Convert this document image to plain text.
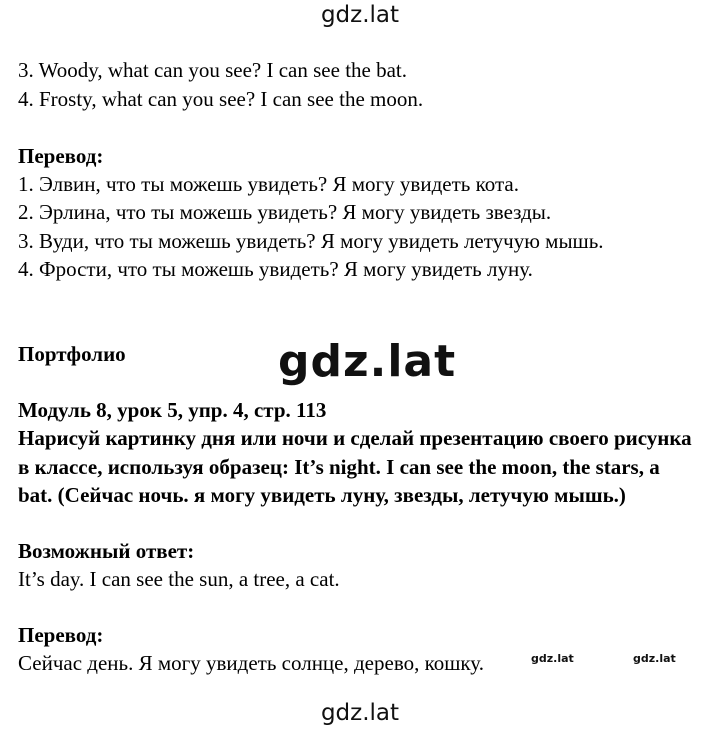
gdz.lat
3. Woody, what can you see? I can see the bat.
4. Frosty, what can you see? I can see the moon.
Перевод:
1. Элвин, что ты можешь увидеть? Я могу увидеть кота.
2. Эрлина, что ты можешь увидеть? Я могу увидеть звезды.
3. Вуди, что ты можешь увидеть? Я могу увидеть летучую мышь.
4. Фрости, что ты можешь увидеть? Я могу увидеть луну.
Портфолио	gdz.lat
Модуль 8, урок 5, упр. 4, стр. 113
Нарисуй картинку дня или ночи и сделай презентацию своего рисунка
в классе, используя образец: It’s night. I can see the moon, the stars, a
bat. (Сейчас ночь. я могу увидеть луну, звезды, летучую мышь.)
Возможный ответ:
It’s day. I can see the sun, a tree, a cat.
Перевод:
Сейчас день. Я могу увидеть солнце, дерево, кошку.	gdz.lat	gdz.lat
gdz.lat
